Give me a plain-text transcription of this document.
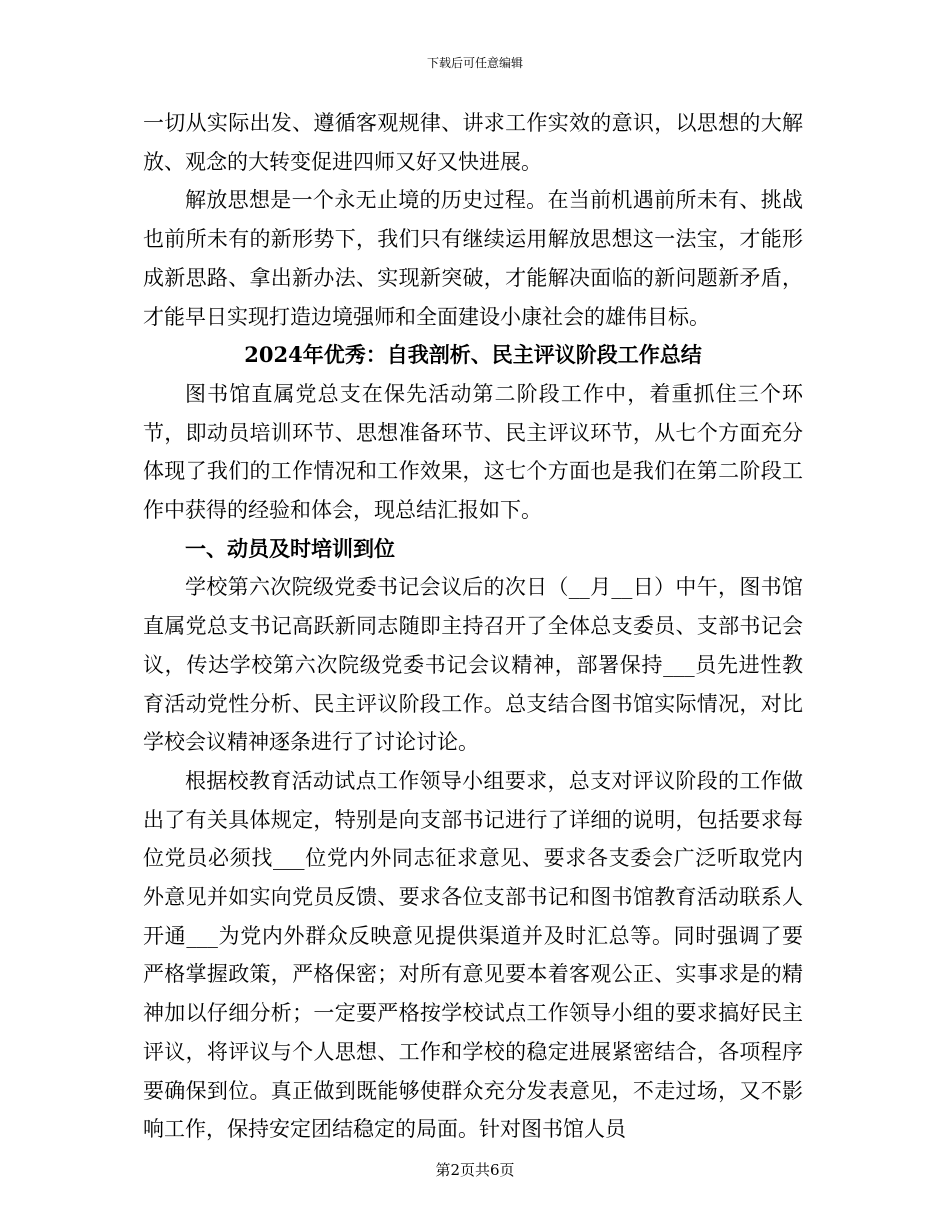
下载后可任意编辑

一切从实际出发、遵循客观规律、讲求工作实效的意识，以思想的大解放、观念的大转变促进四师又好又快进展。

解放思想是一个永无止境的历史过程。在当前机遇前所未有、挑战也前所未有的新形势下，我们只有继续运用解放思想这一法宝，才能形成新思路、拿出新办法、实现新突破，才能解决面临的新问题新矛盾，才能早日实现打造边境强师和全面建设小康社会的雄伟目标。

2024年优秀：自我剖析、民主评议阶段工作总结

图书馆直属党总支在保先活动第二阶段工作中，着重抓住三个环节，即动员培训环节、思想准备环节、民主评议环节，从七个方面充分体现了我们的工作情况和工作效果，这七个方面也是我们在第二阶段工作中获得的经验和体会，现总结汇报如下。

一、动员及时培训到位

学校第六次院级党委书记会议后的次日（__月__日）中午，图书馆直属党总支书记高跃新同志随即主持召开了全体总支委员、支部书记会议，传达学校第六次院级党委书记会议精神，部署保持___员先进性教育活动党性分析、民主评议阶段工作。总支结合图书馆实际情况，对比学校会议精神逐条进行了讨论讨论。

根据校教育活动试点工作领导小组要求，总支对评议阶段的工作做出了有关具体规定，特别是向支部书记进行了详细的说明，包括要求每位党员必须找___位党内外同志征求意见、要求各支委会广泛听取党内外意见并如实向党员反馈、要求各位支部书记和图书馆教育活动联系人开通___为党内外群众反映意见提供渠道并及时汇总等。同时强调了要严格掌握政策，严格保密；对所有意见要本着客观公正、实事求是的精神加以仔细分析；一定要严格按学校试点工作领导小组的要求搞好民主评议，将评议与个人思想、工作和学校的稳定进展紧密结合，各项程序要确保到位。真正做到既能够使群众充分发表意见，不走过场，又不影响工作，保持安定团结稳定的局面。针对图书馆人员

第2页共6页
